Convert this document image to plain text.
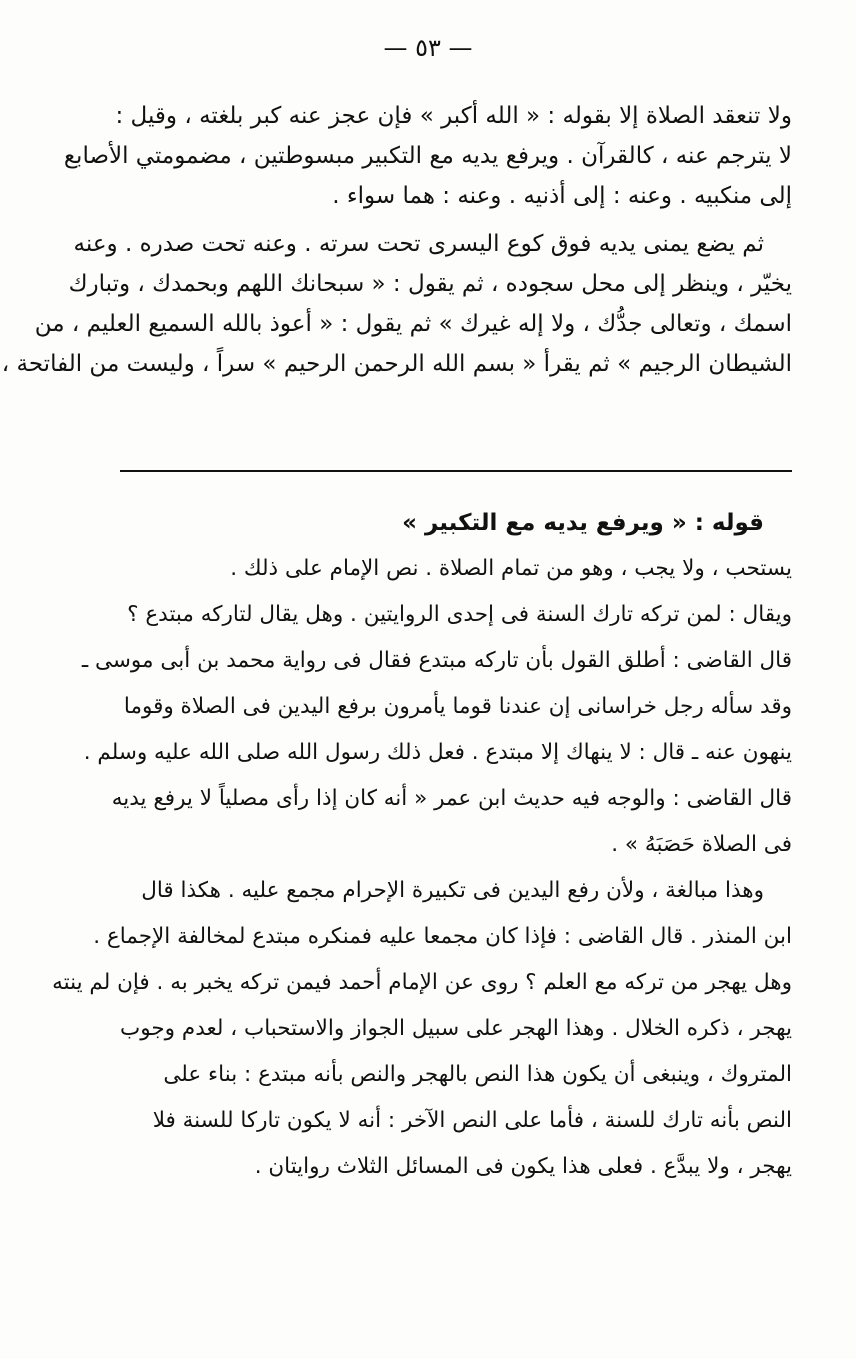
— ٥٣ —
ولا تنعقد الصلاة إلا بقوله : « الله أكبر » فإن عجز عنه كبر بلغته ، وقيل :
لا يترجم عنه ، كالقرآن . ويرفع يديه مع التكبير مبسوطتين ، مضمومتي الأصابع
إلى منكبيه . وعنه : إلى أذنيه . وعنه : هما سواء .
ثم يضع يمنى يديه فوق كوع اليسرى تحت سرته . وعنه تحت صدره . وعنه
يخيّر ، وينظر إلى محل سجوده ، ثم يقول : « سبحانك اللهم وبحمدك ، وتبارك
اسمك ، وتعالى جدُّك ، ولا إله غيرك » ثم يقول : « أعوذ بالله السميع العليم ، من
الشيطان الرجيم » ثم يقرأ « بسم الله الرحمن الرحيم » سراً ، وليست من الفاتحة ،
قوله : « ويرفع يديه مع التكبير »
يستحب ، ولا يجب ، وهو من تمام الصلاة . نص الإمام على ذلك .
ويقال : لمن تركه تارك السنة فى إحدى الروايتين . وهل يقال لتاركه مبتدع ؟
قال القاضى : أطلق القول بأن تاركه مبتدع فقال فى رواية محمد بن أبى موسى ـ
وقد سأله رجل خراسانى إن عندنا قوما يأمرون برفع اليدين فى الصلاة وقوما
ينهون عنه ـ قال : لا ينهاك إلا مبتدع . فعل ذلك رسول الله صلى الله عليه وسلم .
قال القاضى : والوجه فيه حديث ابن عمر « أنه كان إذا رأى مصلياً لا يرفع يديه
فى الصلاة حَصَبَهُ » .
وهذا مبالغة ، ولأن رفع اليدين فى تكبيرة الإحرام مجمع عليه . هكذا قال
ابن المنذر . قال القاضى : فإذا كان مجمعا عليه فمنكره مبتدع لمخالفة الإجماع .
وهل يهجر من تركه مع العلم ؟ روى عن الإمام أحمد فيمن تركه يخبر به . فإن لم ينته
يهجر ، ذكره الخلال . وهذا الهجر على سبيل الجواز والاستحباب ، لعدم وجوب
المتروك ، وينبغى أن يكون هذا النص بالهجر والنص بأنه مبتدع : بناء على
النص بأنه تارك للسنة ، فأما على النص الآخر : أنه لا يكون تاركا للسنة فلا
يهجر ، ولا يبدَّع . فعلى هذا يكون فى المسائل الثلاث روايتان .
